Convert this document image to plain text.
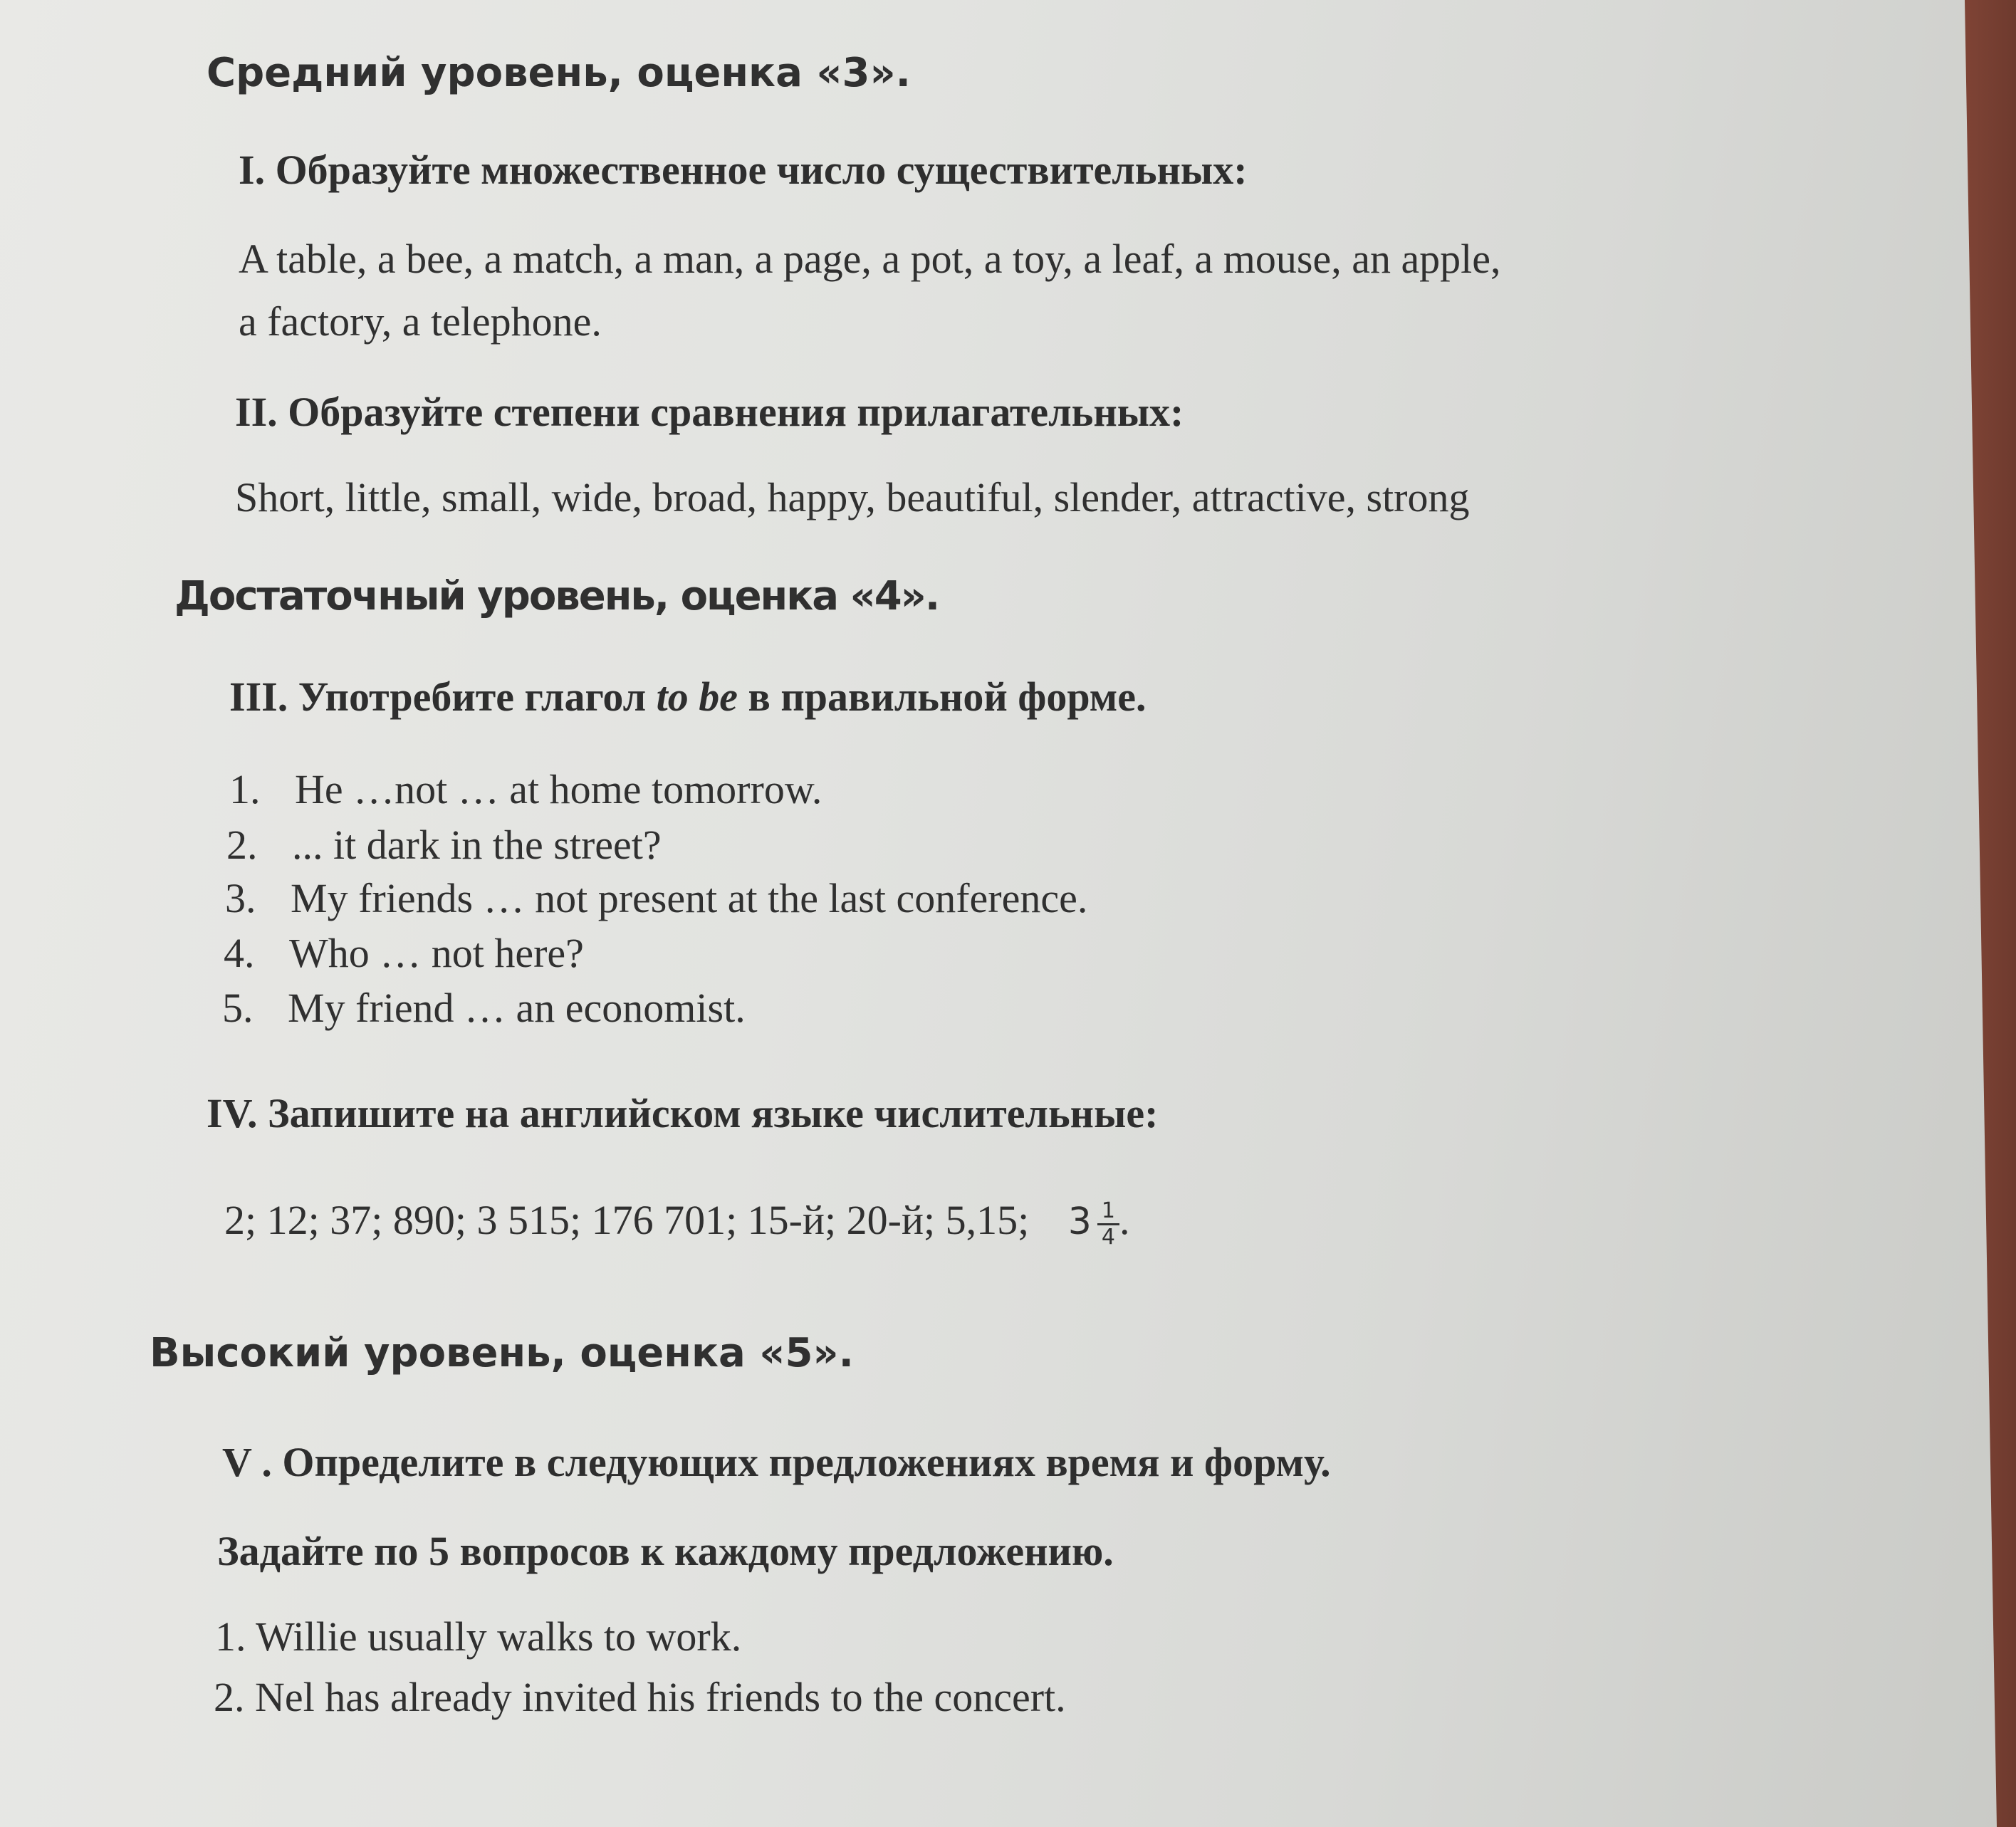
Средний уровень, оценка «3».
I. Образуйте множественное число существительных:
A table, a bee, a match, a man, a page, a pot, a toy, a leaf, a mouse, an apple,
a factory, a telephone.
II. Образуйте степени сравнения прилагательных:
Short, little, small, wide, broad, happy, beautiful, slender, attractive, strong
Достаточный уровень, оценка «4».
III. Употребите глагол to be в правильной форме.
1. He …not … at home tomorrow.
2. ... it dark in the street?
3. My friends … not present at the last conference.
4. Who … not here?
5. My friend … an economist.
IV. Запишите на английском языке числительные:
2; 12; 37; 890; 3 515; 176 701; 15-й; 20-й; 5,15; $3 \frac{1}{4}$ .
Высокий уровень, оценка «5».
V . Определите в следующих предложениях время и форму.
Задайте по 5 вопросов к каждому предложению.
1. Willie usually walks to work.
2. Nel has already invited his friends to the concert.
